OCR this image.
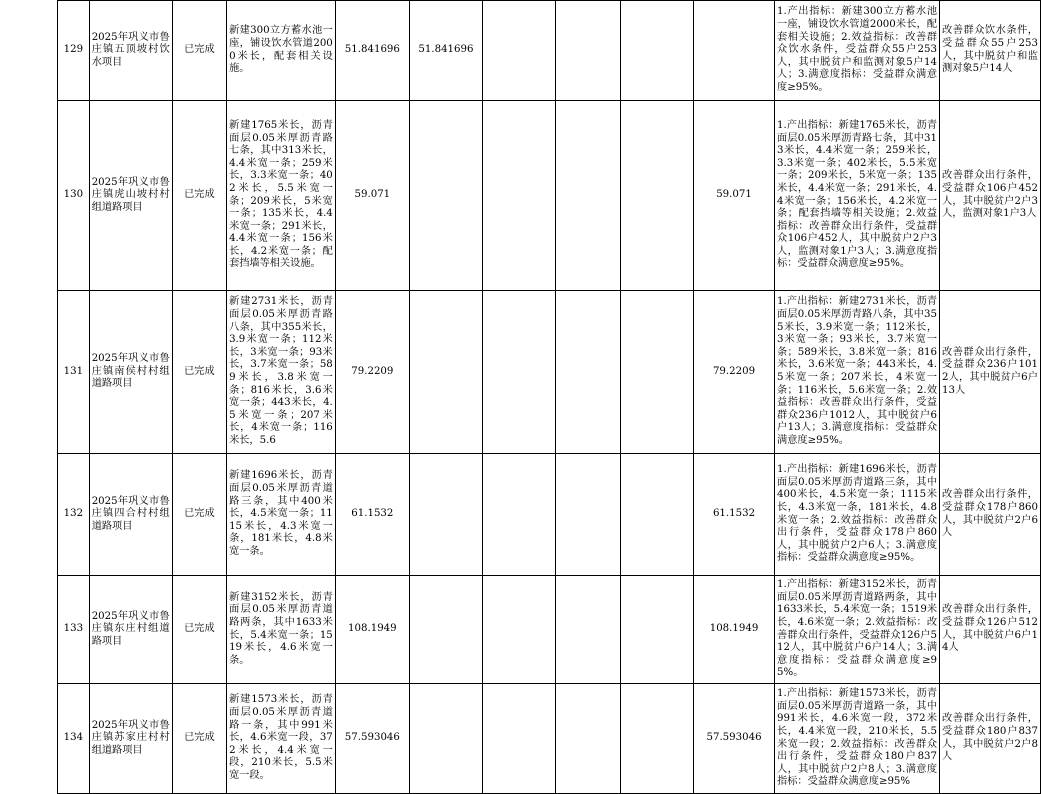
129	2025年巩义市鲁庄镇五顶坡村饮水项目	已完成	新建300立方蓄水池一座，铺设饮水管道2000米长，配套相关设施。	51.841696	51.841696					1.产出指标：新建300立方蓄水池一座，铺设饮水管道2000米长，配套相关设施；2.效益指标：改善群众饮水条件，受益群众55户253人，其中脱贫户和监测对象5户14人；3.满意度指标：受益群众满意度≥95%。	改善群众饮水条件，受益群众55户253人，其中脱贫户和监测对象5户14人
130	2025年巩义市鲁庄镇虎山坡村村组道路项目	已完成	新建1765米长，沥青面层0.05米厚沥青路七条，其中313米长，4.4米宽一条；259米长，3.3米宽一条；402米长，5.5米宽一条；209米长，5米宽一条；135米长，4.4米宽一条；291米长，4.4米宽一条；156米长，4.2米宽一条；配套挡墙等相关设施。	59.071					59.071	1.产出指标：新建1765米长，沥青面层0.05米厚沥青路七条，其中313米长，4.4米宽一条；259米长，3.3米宽一条；402米长，5.5米宽一条；209米长，5米宽一条；135米长，4.4米宽一条；291米长，4.4米宽一条；156米长，4.2米宽一条；配套挡墙等相关设施；2.效益指标：改善群众出行条件，受益群众106户452人，其中脱贫户2户3人，监测对象1户3人；3.满意度指标：受益群众满意度≥95%。	改善群众出行条件，受益群众106户452人，其中脱贫户2户3人，监测对象1户3人
131	2025年巩义市鲁庄镇南侯村村组道路项目	已完成	新建2731米长，沥青面层0.05米厚沥青路八条，其中355米长，3.9米宽一条；112米长，3米宽一条；93米长，3.7米宽一条；589米长，3.8米宽一条；816米长，3.6米宽一条；443米长，4.5米宽一条；207米长，4米宽一条；116米长，5.6	79.2209					79.2209	1.产出指标：新建2731米长，沥青面层0.05米厚沥青路八条，其中355米长，3.9米宽一条；112米长，3米宽一条；93米长，3.7米宽一条；589米长，3.8米宽一条；816米长，3.6米宽一条；443米长，4.5米宽一条；207米长，4米宽一条；116米长，5.6米宽一条；2.效益指标：改善群众出行条件，受益群众236户1012人，其中脱贫户6户13人；3.满意度指标：受益群众满意度≥95%。	改善群众出行条件，受益群众236户1012人，其中脱贫户6户13人
132	2025年巩义市鲁庄镇四合村村组道路项目	已完成	新建1696米长，沥青面层0.05米厚沥青道路三条，其中400米长，4.5米宽一条；1115米长，4.3米宽一条，181米长，4.8米宽一条。	61.1532					61.1532	1.产出指标：新建1696米长，沥青面层0.05米厚沥青道路三条，其中400米长，4.5米宽一条；1115米长，4.3米宽一条，181米长，4.8米宽一条；2.效益指标：改善群众出行条件，受益群众178户860人，其中脱贫户2户6人；3.满意度指标：受益群众满意度≥95%。	改善群众出行条件，受益群众178户860人，其中脱贫户2户6人
133	2025年巩义市鲁庄镇东庄村组道路项目	已完成	新建3152米长，沥青面层0.05米厚沥青道路两条，其中1633米长，5.4米宽一条；1519米长，4.6米宽一条。	108.1949					108.1949	1.产出指标：新建3152米长，沥青面层0.05米厚沥青道路两条，其中1633米长，5.4米宽一条；1519米长，4.6米宽一条；2.效益指标：改善群众出行条件，受益群众126户512人，其中脱贫户6户14人；3.满意度指标：受益群众满意度≥95%。	改善群众出行条件，受益群众126户512人，其中脱贫户6户14人
134	2025年巩义市鲁庄镇苏家庄村村组道路项目	已完成	新建1573米长，沥青面层0.05米厚沥青道路一条，其中991米长，4.6米宽一段，372米长，4.4米宽一段，210米长，5.5米宽一段。	57.593046					57.593046	1.产出指标：新建1573米长，沥青面层0.05米厚沥青道路一条，其中991米长，4.6米宽一段，372米长，4.4米宽一段，210米长，5.5米宽一段；2.效益指标：改善群众出行条件，受益群众180户837人，其中脱贫户2户8人；3.满意度指标：受益群众满意度≥95%	改善群众出行条件，受益群众180户837人，其中脱贫户2户8人
